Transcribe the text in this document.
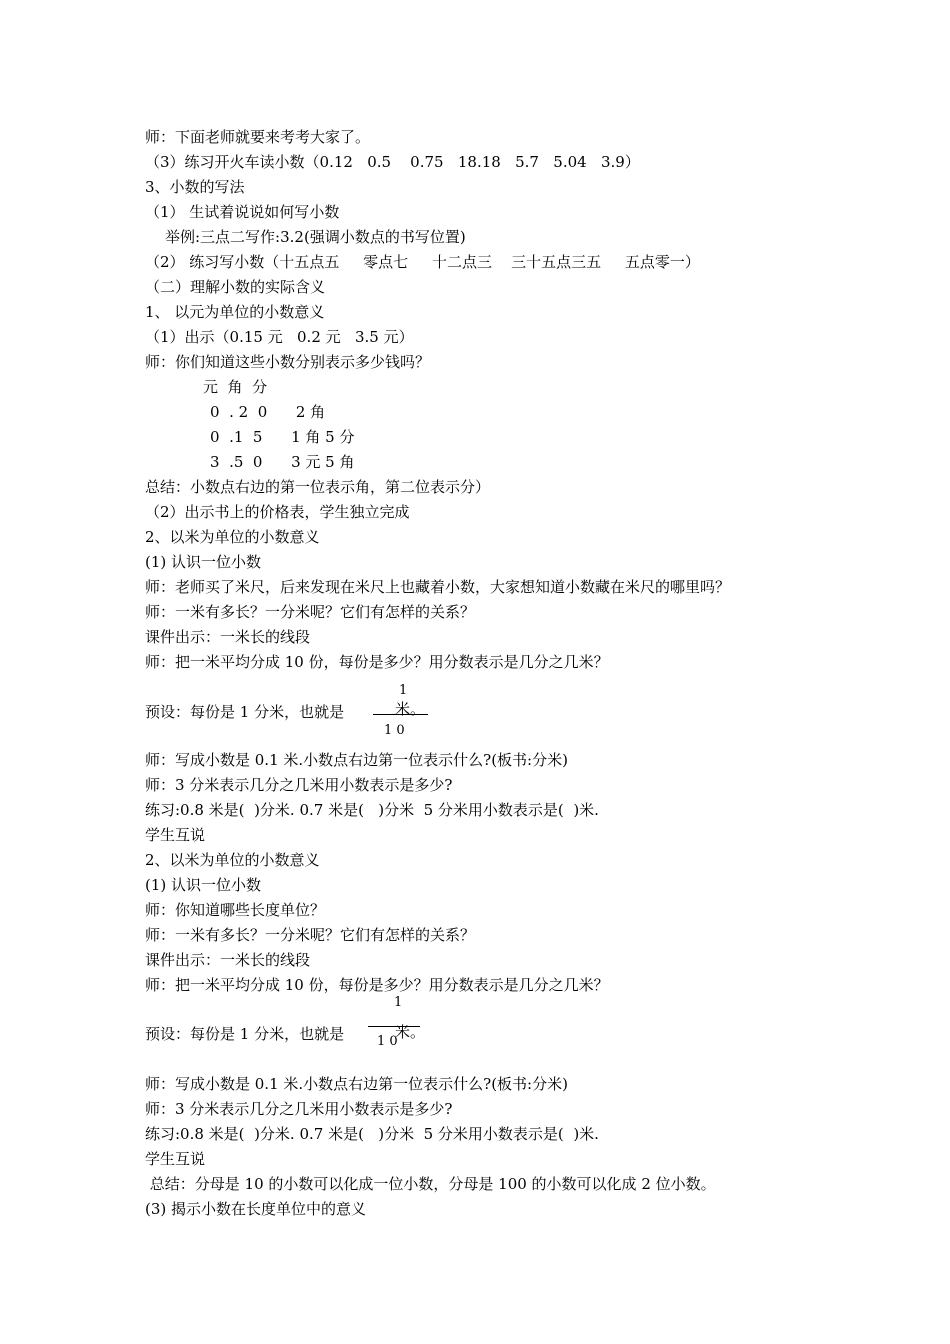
师：下面老师就要来考考大家了。
（3）练习开火车读小数（0.12   0.5    0.75   18.18   5.7   5.04   3.9）
3、小数的写法
（1） 生试着说说如何写小数
举例:三点二写作:3.2(强调小数点的书写位置)
（2） 练习写小数（十五点五     零点七     十二点三    三十五点三五     五点零一）
（二）理解小数的实际含义
1、 以元为单位的小数意义
（1）出示（0.15 元   0.2 元   3.5 元）
师：你们知道这些小数分别表示多少钱吗？
元  角  分
0  . 2  0      2 角
0  .1  5      1 角 5 分
3  .5  0      3 元 5 角
总结：小数点右边的第一位表示角，第二位表示分）
（2）出示书上的价格表，学生独立完成
2、以米为单位的小数意义
(1) 认识一位小数
师：老师买了米尺，后来发现在米尺上也藏着小数，大家想知道小数藏在米尺的哪里吗？
师：一米有多长？一分米呢？它们有怎样的关系？
课件出示：一米长的线段
师：把一米平均分成 10 份，每份是多少？用分数表示是几分之几米？
预设：每份是 1 分米，也就是
1
米。
1 0
师：写成小数是 0.1 米.小数点右边第一位表示什么?(板书:分米)
师：3 分米表示几分之几米用小数表示是多少?
练习:0.8 米是(  )分米. 0.7 米是(   )分米  5 分米用小数表示是(  )米.
学生互说
2、以米为单位的小数意义
(1) 认识一位小数
师：你知道哪些长度单位？
师：一米有多长？一分米呢？它们有怎样的关系？
课件出示：一米长的线段
师：把一米平均分成 10 份，每份是多少？用分数表示是几分之几米？
预设：每份是 1 分米，也就是
1
米。
1 0
师：写成小数是 0.1 米.小数点右边第一位表示什么?(板书:分米)
师：3 分米表示几分之几米用小数表示是多少?
练习:0.8 米是(  )分米. 0.7 米是(   )分米  5 分米用小数表示是(  )米.
学生互说
总结：分母是 10 的小数可以化成一位小数，分母是 100 的小数可以化成 2 位小数。
(3) 揭示小数在长度单位中的意义
